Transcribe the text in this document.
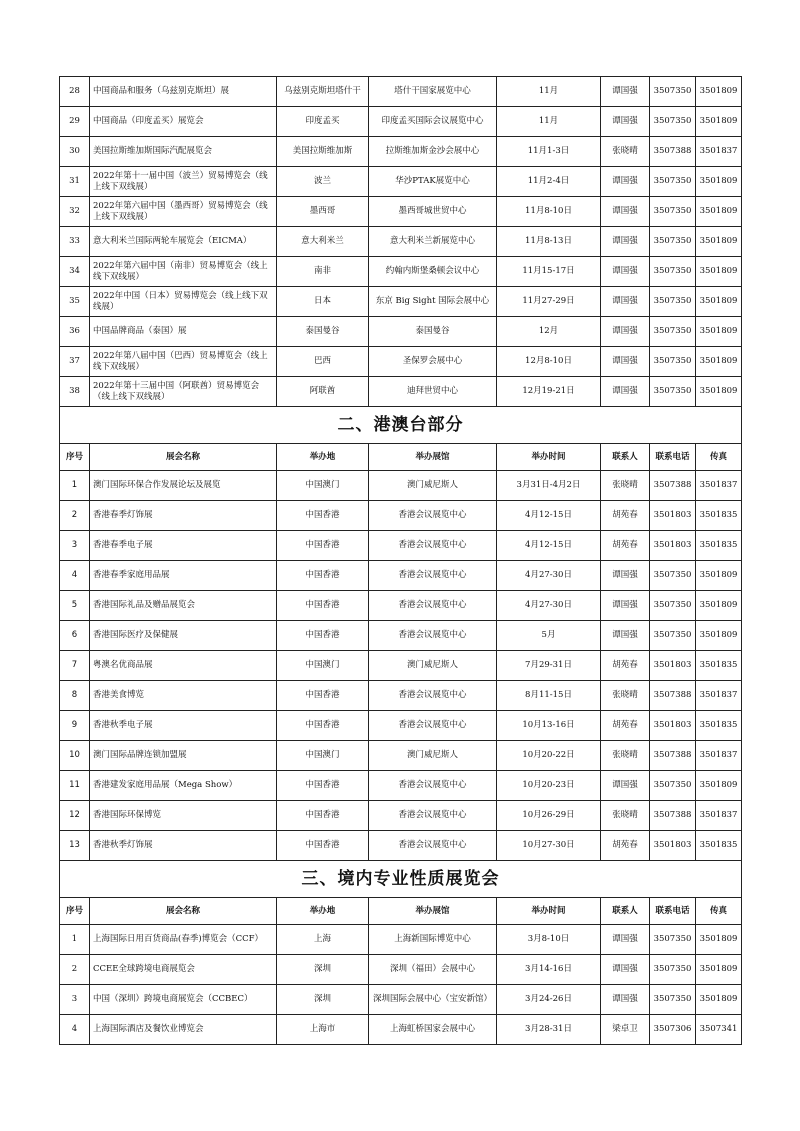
28	中国商品和服务（乌兹别克斯坦）展	乌兹别克斯坦塔什干	塔什干国家展览中心	11月	谭国强	3507350	3501809
29	中国商品（印度孟买）展览会	印度孟买	印度孟买国际会议展览中心	11月	谭国强	3507350	3501809
30	美国拉斯维加斯国际汽配展览会	美国拉斯维加斯	拉斯维加斯金沙会展中心	11月1-3日	张晓晴	3507388	3501837
31	2022年第十一届中国（波兰）贸易博览会（线上线下双线展）	波兰	华沙PTAK展览中心	11月2-4日	谭国强	3507350	3501809
32	2022年第六届中国（墨西哥）贸易博览会（线上线下双线展）	墨西哥	墨西哥城世贸中心	11月8-10日	谭国强	3507350	3501809
33	意大利米兰国际两轮车展览会（EICMA）	意大利米兰	意大利米兰新展览中心	11月8-13日	谭国强	3507350	3501809
34	2022年第六届中国（南非）贸易博览会（线上线下双线展）	南非	约翰内斯堡桑顿会议中心	11月15-17日	谭国强	3507350	3501809
35	2022年中国（日本）贸易博览会（线上线下双线展）	日本	东京 Big Sight 国际会展中心	11月27-29日	谭国强	3507350	3501809
36	中国品牌商品（泰国）展	泰国曼谷	泰国曼谷	12月	谭国强	3507350	3501809
37	2022年第八届中国（巴西）贸易博览会（线上线下双线展）	巴西	圣保罗会展中心	12月8-10日	谭国强	3507350	3501809
38	2022年第十三届中国（阿联酋）贸易博览会（线上线下双线展）	阿联酋	迪拜世贸中心	12月19-21日	谭国强	3507350	3501809
二、港澳台部分							
序号	展会名称	举办地	举办展馆	举办时间	联系人	联系电话	传真
1	澳门国际环保合作发展论坛及展览	中国澳门	澳门威尼斯人	3月31日-4月2日	张晓晴	3507388	3501837
2	香港春季灯饰展	中国香港	香港会议展览中心	4月12-15日	胡苑春	3501803	3501835
3	香港春季电子展	中国香港	香港会议展览中心	4月12-15日	胡苑春	3501803	3501835
4	香港春季家庭用品展	中国香港	香港会议展览中心	4月27-30日	谭国强	3507350	3501809
5	香港国际礼品及赠品展览会	中国香港	香港会议展览中心	4月27-30日	谭国强	3507350	3501809
6	香港国际医疗及保健展	中国香港	香港会议展览中心	5月	谭国强	3507350	3501809
7	粤澳名优商品展	中国澳门	澳门威尼斯人	7月29-31日	胡苑春	3501803	3501835
8	香港美食博览	中国香港	香港会议展览中心	8月11-15日	张晓晴	3507388	3501837
9	香港秋季电子展	中国香港	香港会议展览中心	10月13-16日	胡苑春	3501803	3501835
10	澳门国际品牌连锁加盟展	中国澳门	澳门威尼斯人	10月20-22日	张晓晴	3507388	3501837
11	香港建发家庭用品展（Mega Show）	中国香港	香港会议展览中心	10月20-23日	谭国强	3507350	3501809
12	香港国际环保博览	中国香港	香港会议展览中心	10月26-29日	张晓晴	3507388	3501837
13	香港秋季灯饰展	中国香港	香港会议展览中心	10月27-30日	胡苑春	3501803	3501835
三、境内专业性质展览会							
序号	展会名称	举办地	举办展馆	举办时间	联系人	联系电话	传真
1	上海国际日用百货商品(春季)博览会（CCF）	上海	上海新国际博览中心	3月8-10日	谭国强	3507350	3501809
2	CCEE全球跨境电商展览会	深圳	深圳（福田）会展中心	3月14-16日	谭国强	3507350	3501809
3	中国（深圳）跨境电商展览会（CCBEC）	深圳	深圳国际会展中心（宝安新馆）	3月24-26日	谭国强	3507350	3501809
4	上海国际酒店及餐饮业博览会	上海市	上海虹桥国家会展中心	3月28-31日	梁卓卫	3507306	3507341
